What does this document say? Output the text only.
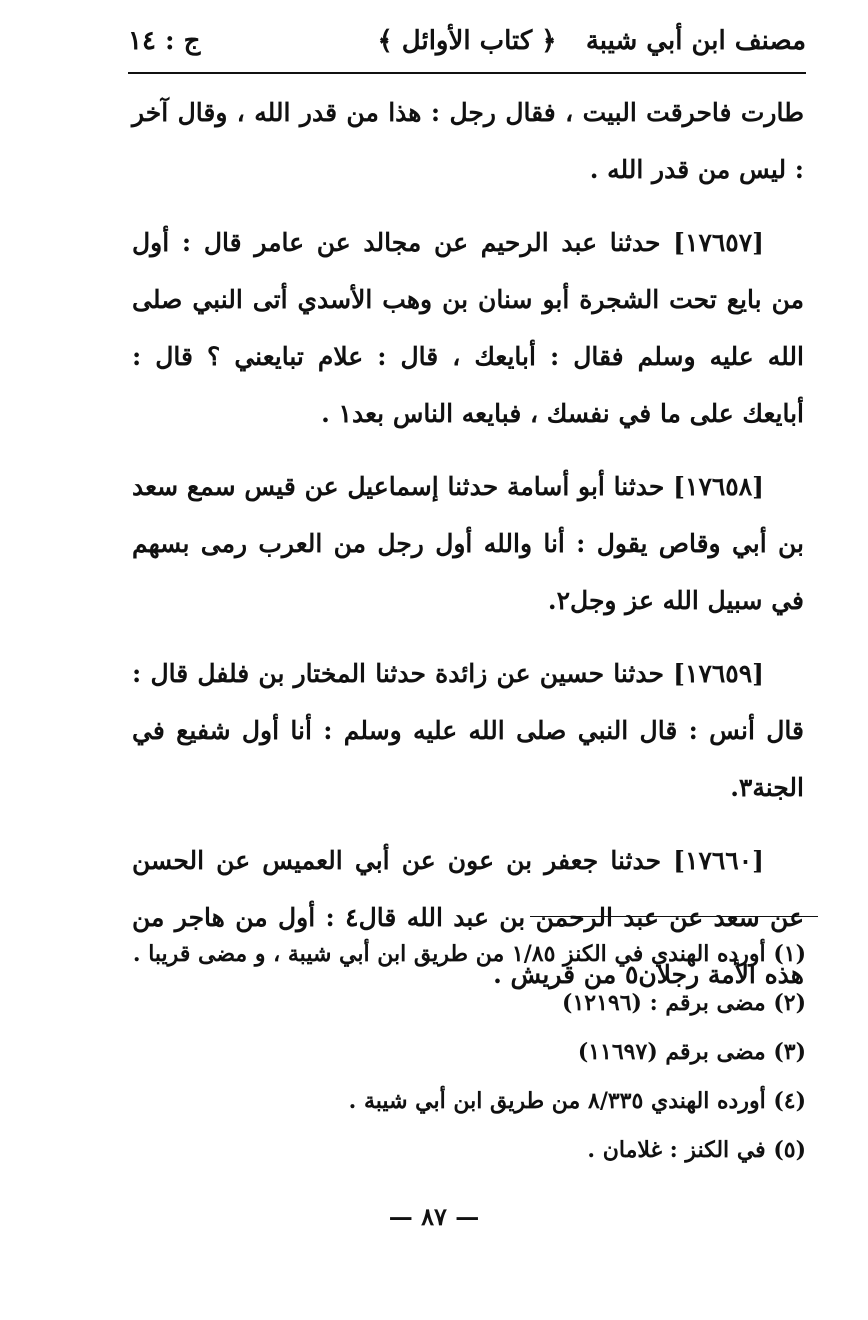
مصنف ابن أبي شيبة
﴿ كتاب الأوائل ﴾
ج : ١٤

طارت فاحرقت البيت ، فقال رجل : هذا من قدر الله ، وقال آخر : ليس من قدر الله .

[١٧٦٥٧] حدثنا عبد الرحيم عن مجالد عن عامر قال : أول من بايع تحت الشجرة أبو سنان بن وهب الأسدي أتى النبي صلى الله عليه وسلم فقال : أبايعك ، قال : علام تبايعني ؟ قال : أبايعك على ما في نفسك ، فبايعه الناس بعد١ .

[١٧٦٥٨] حدثنا أبو أسامة حدثنا إسماعيل عن قيس سمع سعد بن أبي وقاص يقول : أنا والله أول رجل من العرب رمى بسهم في سبيل الله عز وجل٢.

[١٧٦٥٩] حدثنا حسين عن زائدة حدثنا المختار بن فلفل قال : قال أنس : قال النبي صلى الله عليه وسلم : أنا أول شفيع في الجنة٣.

[١٧٦٦٠] حدثنا جعفر بن عون عن أبي العميس عن الحسن عن سعد عن عبد الرحمن بن عبد الله قال٤ : أول من هاجر من هذه الأمة رجلان٥ من قريش .

(١) أورده الهندي في الكنز ١/٨٥ من طريق ابن أبي شيبة ، و مضى قريبا .
(٢) مضى برقم : (١٢١٩٦)
(٣) مضى برقم (١١٦٩٧)
(٤) أورده الهندي ٨/٣٣٥ من طريق ابن أبي شيبة .
(٥) في الكنز : غلامان .
— ٨٧ —
